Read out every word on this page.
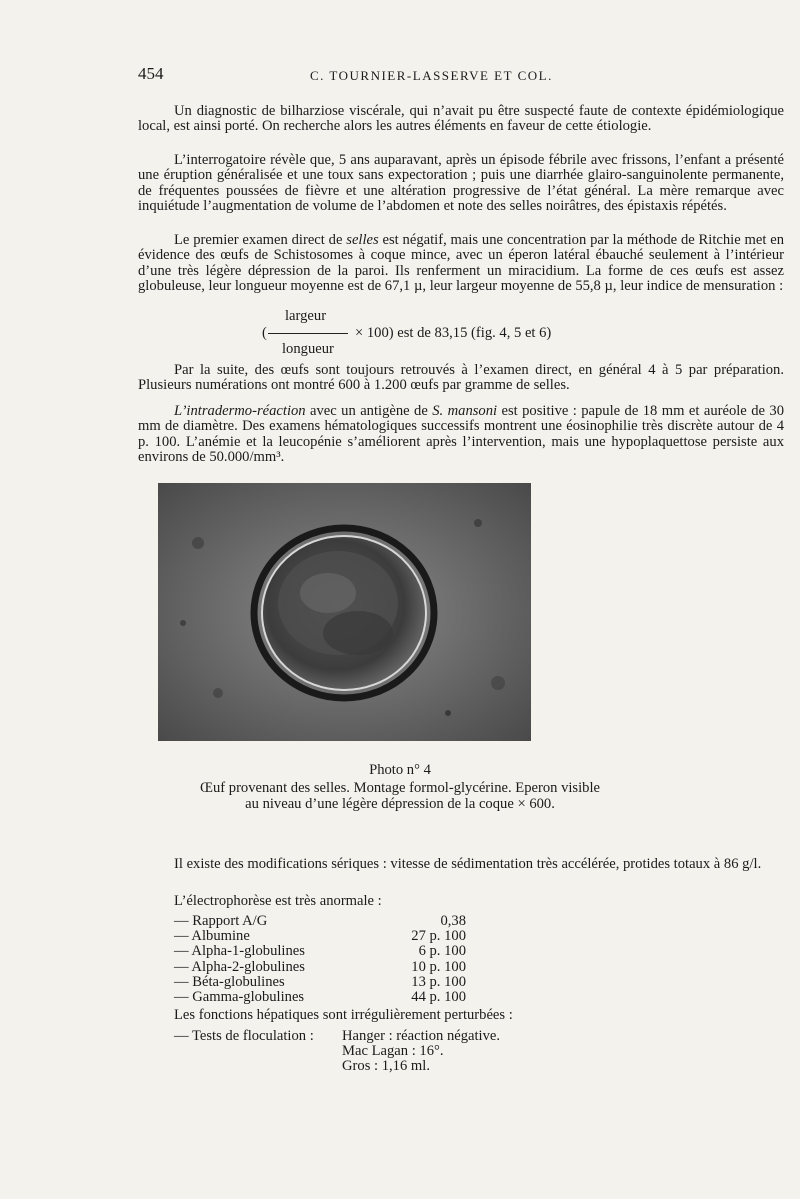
454	C. TOURNIER-LASSERVE ET COL.

Un diagnostic de bilharziose viscérale, qui n’avait pu être suspecté faute de contexte épidémiologique local, est ainsi porté. On recherche alors les autres éléments en faveur de cette étiologie.

L’interrogatoire révèle que, 5 ans auparavant, après un épisode fébrile avec frissons, l’enfant a présenté une éruption généralisée et une toux sans expectoration ; puis une diarrhée glairo-sanguinolente permanente, de fréquentes poussées de fièvre et une altération progressive de l’état général. La mère remarque avec inquiétude l’augmentation de volume de l’abdomen et note des selles noirâtres, des épistaxis répétés.

Le premier examen direct de selles est négatif, mais une concentration par la méthode de Ritchie met en évidence des œufs de Schistosomes à coque mince, avec un éperon latéral ébauché seulement à l’intérieur d’une très légère dépression de la paroi. Ils renferment un miracidium. La forme de ces œufs est assez globuleuse, leur longueur moyenne est de 67,1 µ, leur largeur moyenne de 55,8 µ, leur indice de mensuration :

largeur
(	× 100) est de 83,15 (fig. 4, 5 et 6)
longueur

Par la suite, des œufs sont toujours retrouvés à l’examen direct, en général 4 à 5 par préparation. Plusieurs numérations ont montré 600 à 1.200 œufs par gramme de selles.

L’intradermo-réaction avec un antigène de S. mansoni est positive : papule de 18 mm et auréole de 30 mm de diamètre. Des examens hématologiques successifs montrent une éosinophilie très discrète autour de 4 p. 100. L’anémie et la leucopénie s’améliorent après l’intervention, mais une hypoplaquettose persiste aux environs de 50.000/mm³.

Photo n° 4
Œuf provenant des selles. Montage formol-glycérine. Eperon visible
au niveau d’une légère dépression de la coque × 600.

Il existe des modifications sériques : vitesse de sédimentation très accélérée, protides totaux à 86 g/l.

L’électrophorèse est très anormale :

— Rapport A/G	0,38
— Albumine	27 p. 100
— Alpha-1-globulines	6 p. 100
— Alpha-2-globulines	10 p. 100
— Béta-globulines	13 p. 100
— Gamma-globulines	44 p. 100

Les fonctions hépatiques sont irrégulièrement perturbées :

— Tests de floculation : Hanger : réaction négative.
Mac Lagan : 16°.
Gros : 1,16 ml.
